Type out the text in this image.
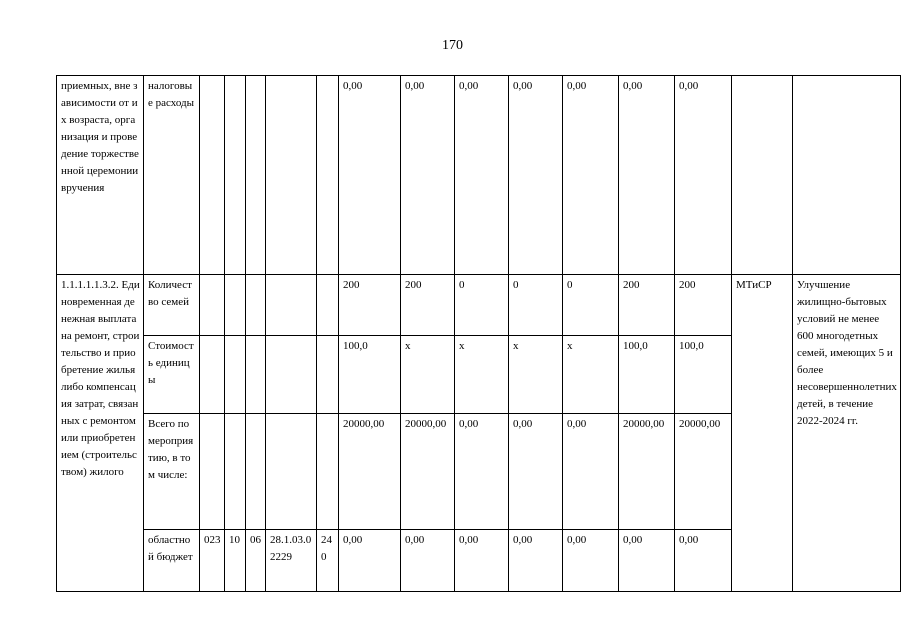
170
приемных, вне зависимости от их возраста, организация и проведение торжественной церемонии вручения	налоговые расходы						0,00	0,00	0,00	0,00	0,00	0,00	0,00		
1.1.1.1.1.3.2. Единовременная денежная выплата на ремонт, строительство и приобретение жилья либо компенсация затрат, связанных с ремонтом или приобретением (строительством) жилого	Количество семей						200	200	0	0	0	200	200	МТиСР	Улучшение жилищно-бытовых условий не менее 600 многодетных семей, имеющих 5 и более несовершеннолетних детей, в течение 2022-2024 гг.
	Стоимость единицы						100,0	х	х	х	х	100,0	100,0		
	Всего по мероприятию, в том числе:						20000,00	20000,00	0,00	0,00	0,00	20000,00	20000,00		
	областной бюджет	023	10	06	28.1.03.02229	240	0,00	0,00	0,00	0,00	0,00	0,00	0,00		
